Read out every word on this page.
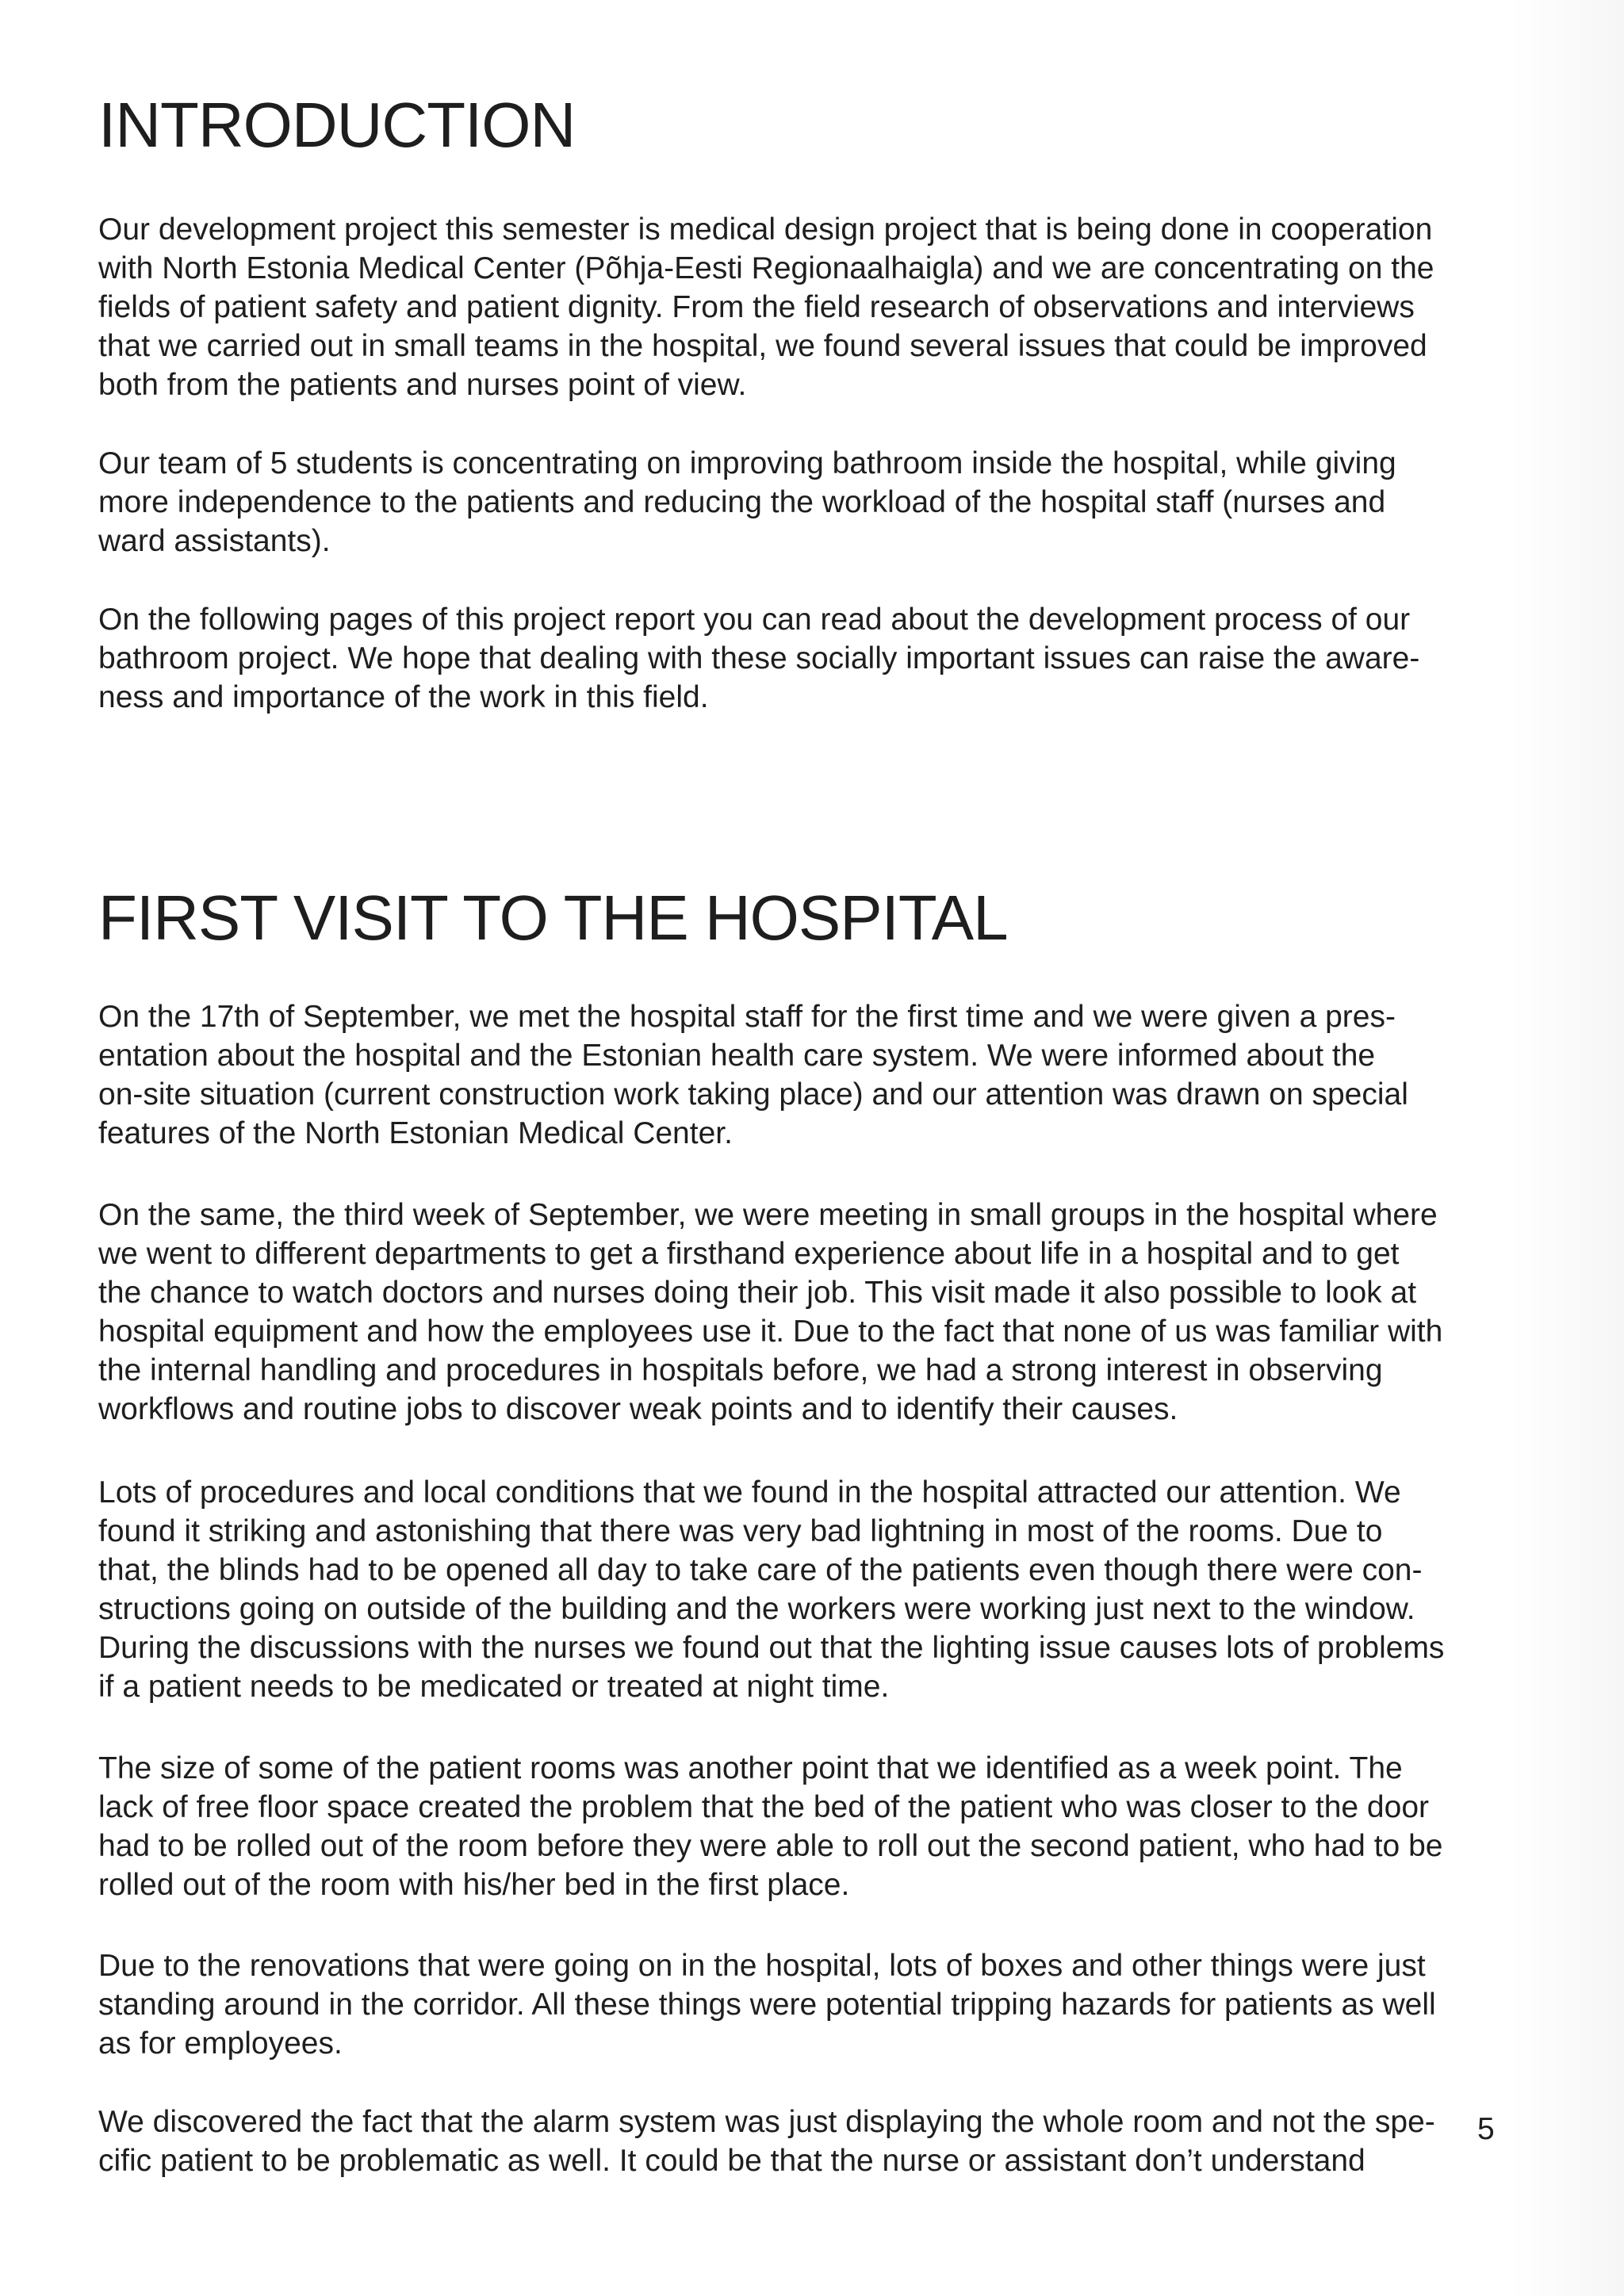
INTRODUCTION

Our development project this semester is medical design project that is being done in cooperation
with North Estonia Medical Center (Põhja-Eesti Regionaalhaigla) and we are concentrating on the
fields of patient safety and patient dignity. From the field research of observations and interviews
that we carried out in small teams in the hospital, we found several issues that could be improved
both from the patients and nurses point of view.

Our team of 5 students is concentrating on improving bathroom inside the hospital, while giving
more independence to the patients and reducing the workload of the hospital staff (nurses and
ward assistants).

On the following pages of this project report you can read about the development process of our
bathroom project. We hope that dealing with these socially important issues can raise the aware-
ness and importance of the work in this field.

FIRST VISIT TO THE HOSPITAL

On the 17th of September, we met the hospital staff for the first time and we were given a pres-
entation about the hospital and the Estonian health care system. We were informed about the
on-site situation (current construction work taking place) and our attention was drawn on special
features of the North Estonian Medical Center.

On the same, the third week of September, we were meeting in small groups in the hospital where
we went to different departments to get a firsthand experience about life in a hospital and to get
the chance to watch doctors and nurses doing their job. This visit made it also possible to look at
hospital equipment and how the employees use it. Due to the fact that none of us was familiar with
the internal handling and procedures in hospitals before, we had a strong interest in observing
workflows and routine jobs to discover weak points and to identify their causes.

Lots of procedures and local conditions that we found in the hospital attracted our attention. We
found it striking and astonishing that there was very bad lightning in most of the rooms. Due to
that, the blinds had to be opened all day to take care of the patients even though there were con-
structions going on outside of the building and the workers were working just next to the window.
During the discussions with the nurses we found out that the lighting issue causes lots of problems
if a patient needs to be medicated or treated at night time.

The size of some of the patient rooms was another point that we identified as a week point. The
lack of free floor space created the problem that the bed of the patient who was closer to the door
had to be rolled out of the room before they were able to roll out the second patient, who had to be
rolled out of the room with his/her bed in the first place.

Due to the renovations that were going on in the hospital, lots of boxes and other things were just
standing around in the corridor. All these things were potential tripping hazards for patients as well
as for employees.

We discovered the fact that the alarm system was just displaying the whole room and not the spe-
cific patient to be problematic as well. It could be that the nurse or assistant don’t understand

5
